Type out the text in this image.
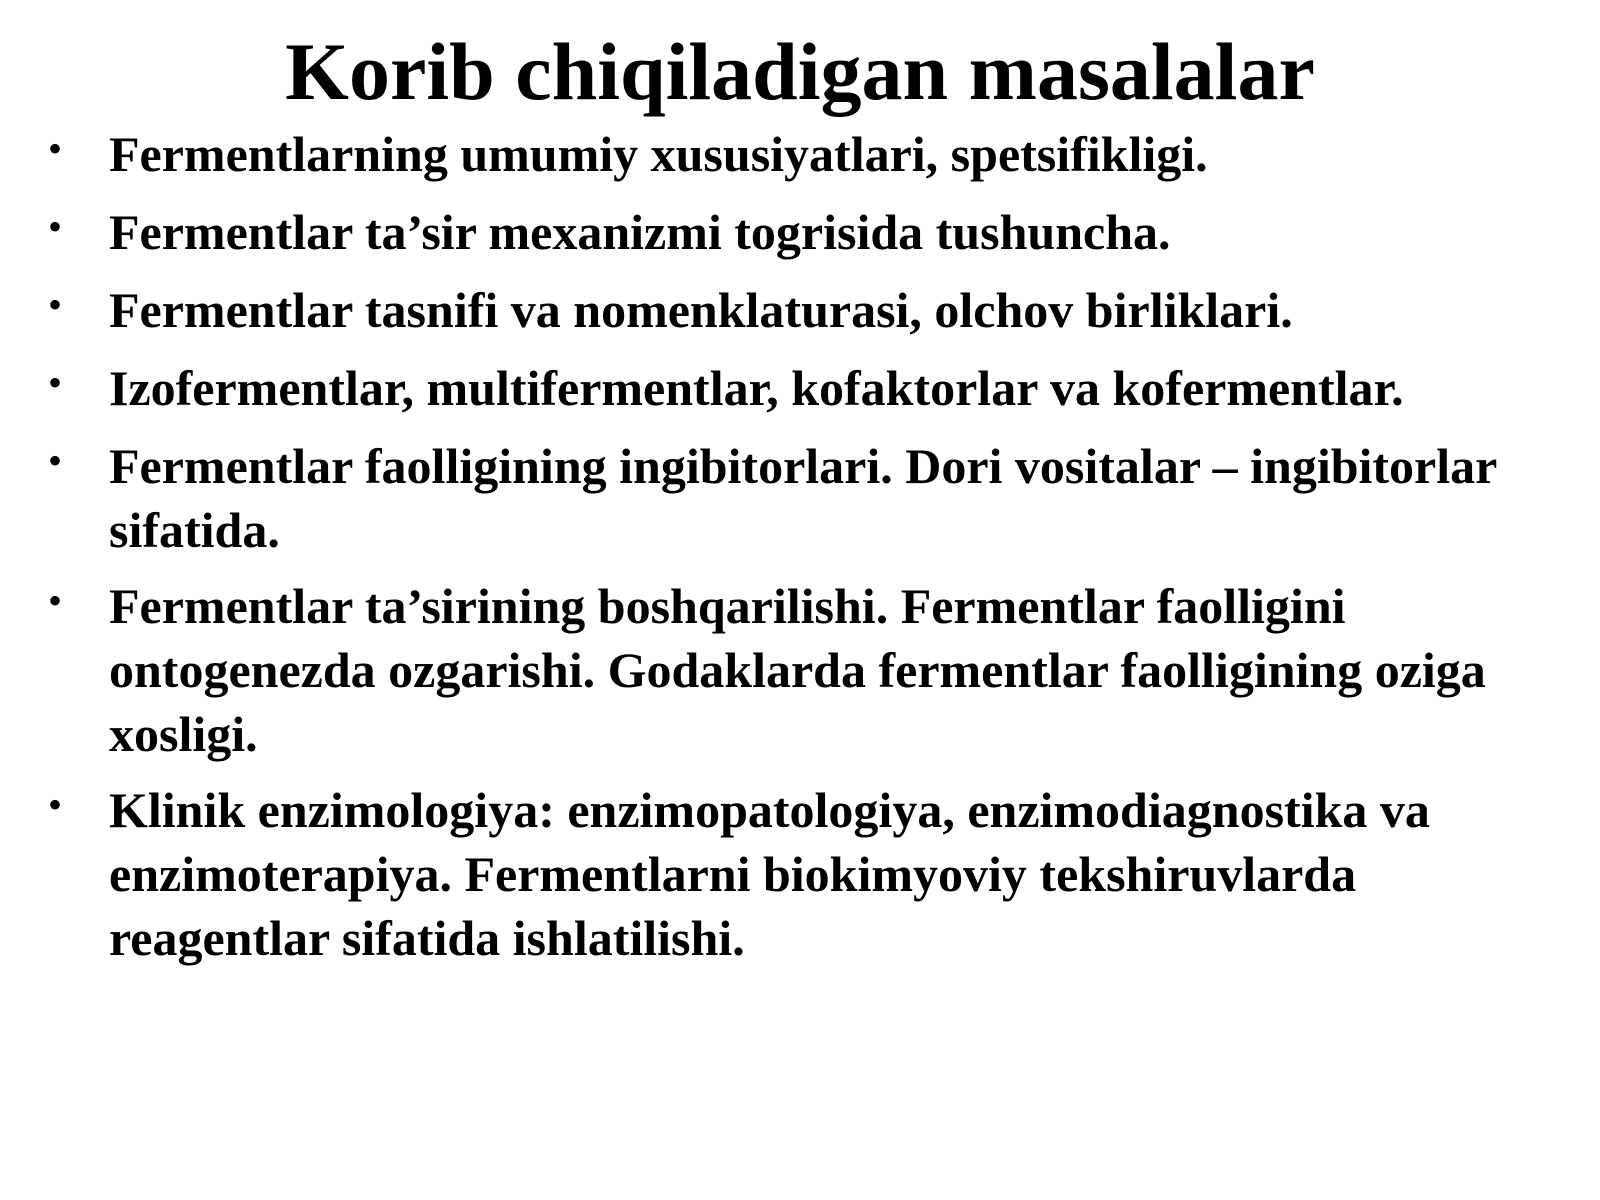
Korib chiqiladigan masalalar
• Fermentlarning umumiy xususiyatlari, spetsifikligi.
• Fermentlar ta’sir mexanizmi togrisida tushuncha.
• Fermentlar tasnifi va nomenklaturasi, olchov birliklari.
• Izofermentlar, multifermentlar, kofaktorlar va kofermentlar.
• Fermentlar faolligining ingibitorlari. Dori vositalar – ingibitorlar sifatida.
• Fermentlar ta’sirining boshqarilishi. Fermentlar faolligini ontogenezda ozgarishi. Godaklarda fermentlar faolligining oziga xosligi.
• Klinik enzimologiya: enzimopatologiya, enzimodiagnostika va enzimoterapiya. Fermentlarni biokimyoviy tekshiruvlarda reagentlar sifatida ishlatilishi.
